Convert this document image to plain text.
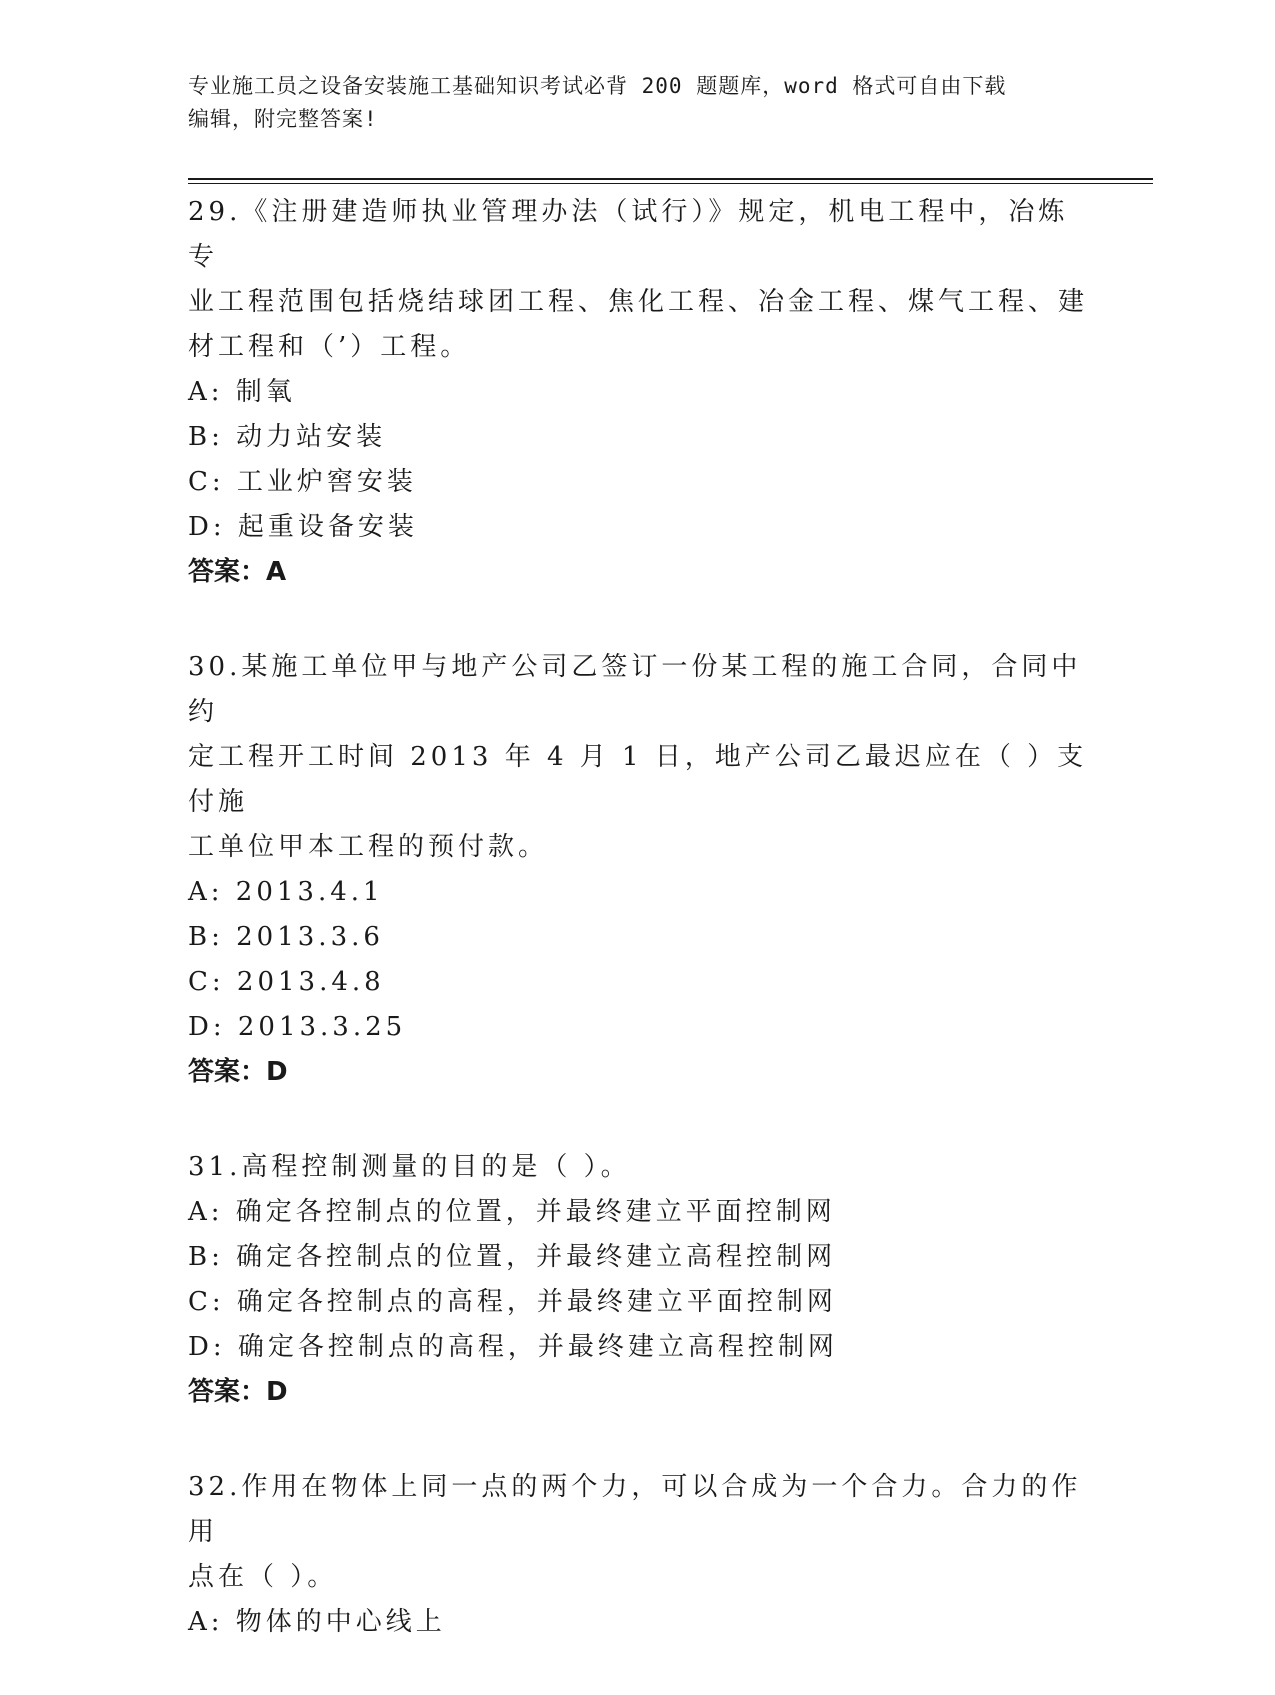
专业施工员之设备安装施工基础知识考试必背 200 题题库，word 格式可自由下载
编辑，附完整答案!

29.《注册建造师执业管理办法（试行）》规定，机电工程中，冶炼专

业工程范围包括烧结球团工程、焦化工程、冶金工程、煤气工程、建

材工程和（’）工程。

A: 制氧

B: 动力站安装

C: 工业炉窖安装

D: 起重设备安装

答案：A

30.某施工单位甲与地产公司乙签订一份某工程的施工合同，合同中约

定工程开工时间 2013 年 4 月 1 日，地产公司乙最迟应在（ ）支付施

工单位甲本工程的预付款。

A: 2013.4.1

B: 2013.3.6

C: 2013.4.8

D: 2013.3.25

答案：D

31.高程控制测量的目的是（ ）。

A: 确定各控制点的位置，并最终建立平面控制网

B: 确定各控制点的位置，并最终建立高程控制网

C: 确定各控制点的高程，并最终建立平面控制网

D: 确定各控制点的高程，并最终建立高程控制网

答案：D

32.作用在物体上同一点的两个力，可以合成为一个合力。合力的作用

点在（ ）。

A: 物体的中心线上
